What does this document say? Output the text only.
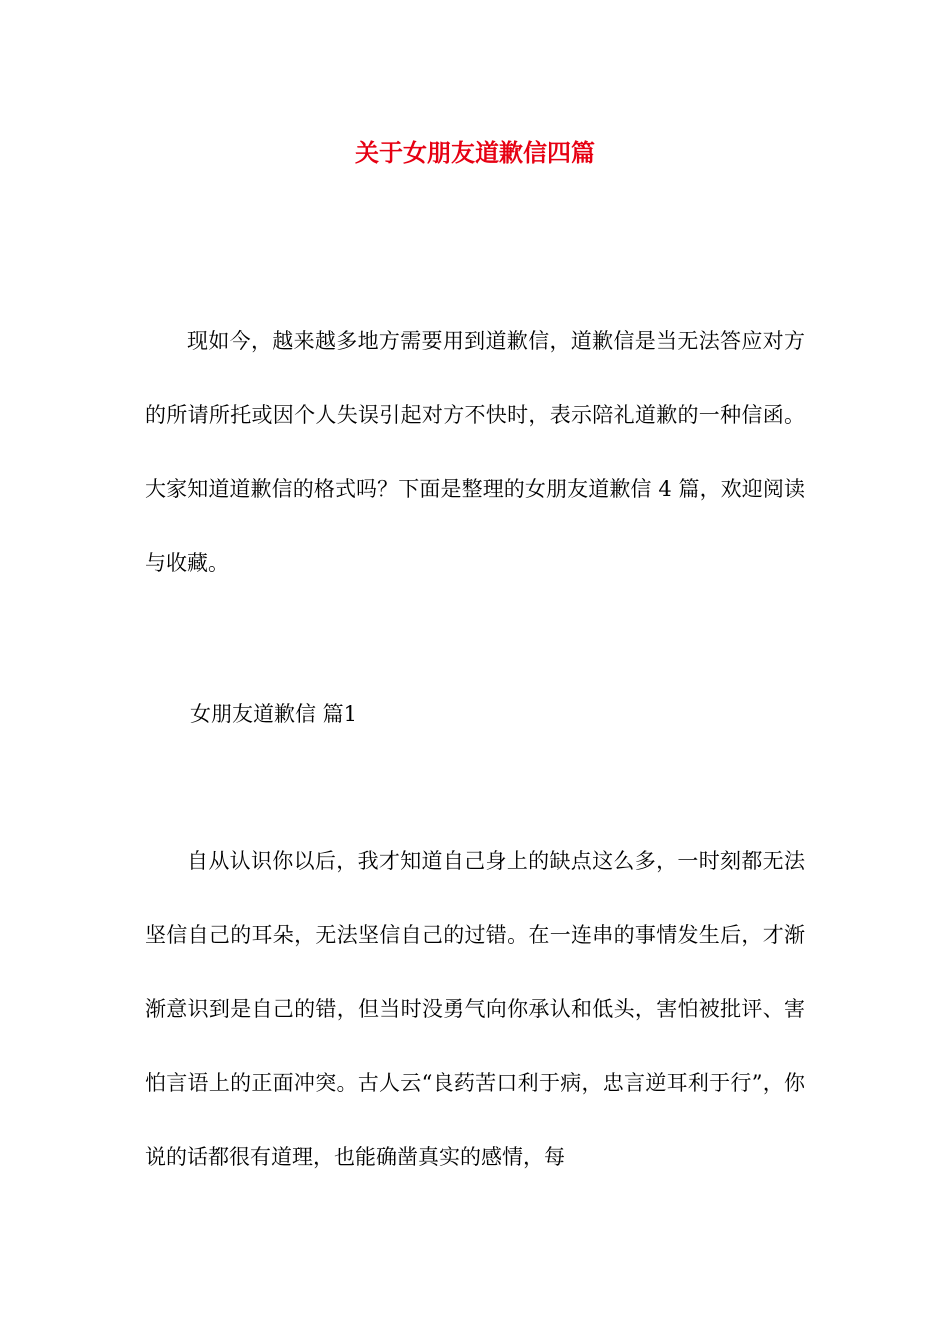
关于女朋友道歉信四篇

现如今，越来越多地方需要用到道歉信，道歉信是当无法答应对方的所请所托或因个人失误引起对方不快时，表示陪礼道歉的一种信函。大家知道道歉信的格式吗？下面是整理的女朋友道歉信 4 篇，欢迎阅读与收藏。

女朋友道歉信 篇1

自从认识你以后，我才知道自己身上的缺点这么多，一时刻都无法坚信自己的耳朵，无法坚信自己的过错。在一连串的事情发生后，才渐渐意识到是自己的错，但当时没勇气向你承认和低头，害怕被批评、害怕言语上的正面冲突。古人云“良药苦口利于病，忠言逆耳利于行”，你说的话都很有道理，也能确凿真实的感情，每
